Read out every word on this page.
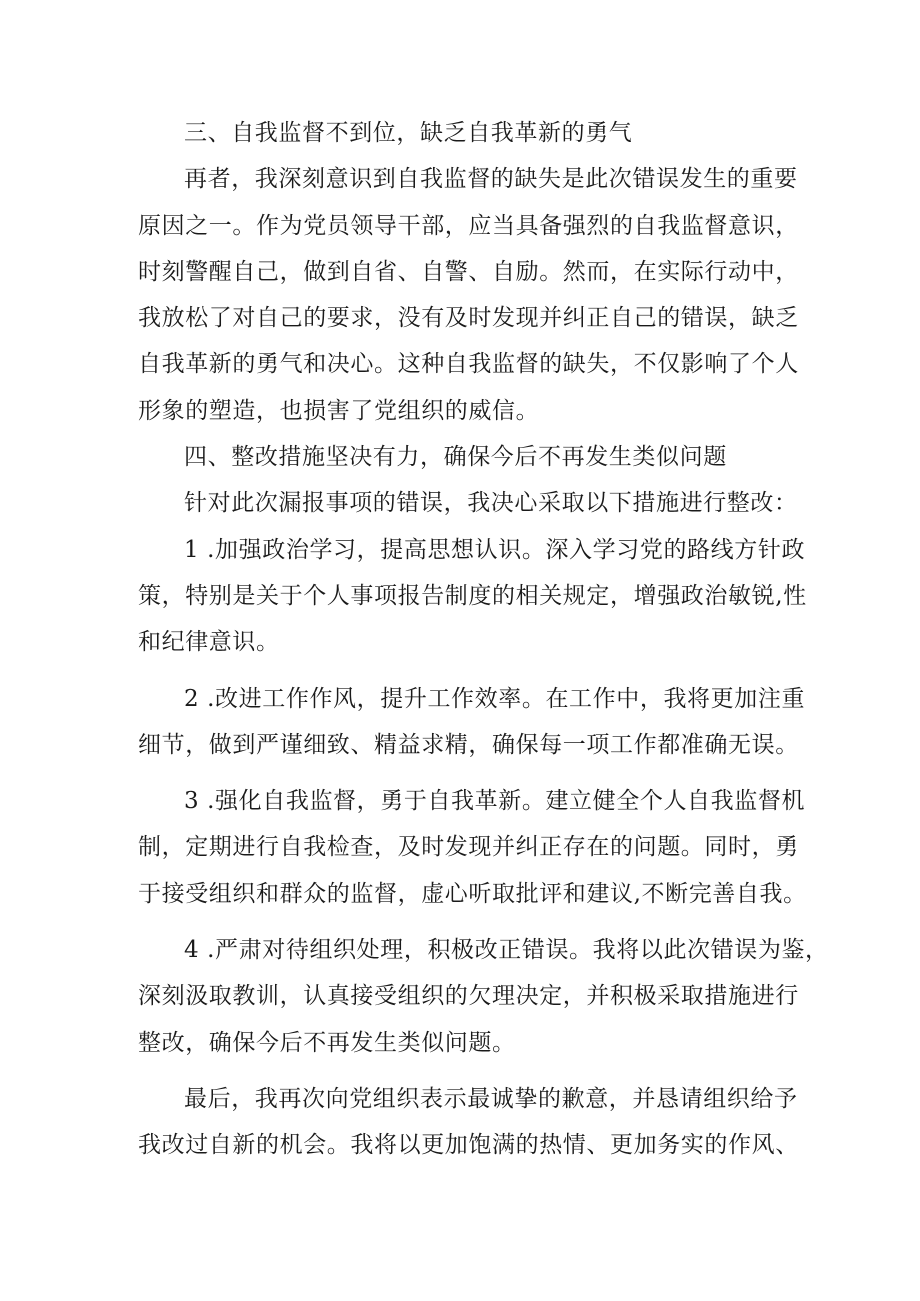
三、自我监督不到位，缺乏自我革新的勇气
再者，我深刻意识到自我监督的缺失是此次错误发生的重要
原因之一。作为党员领导干部，应当具备强烈的自我监督意识，
时刻警醒自己，做到自省、自警、自励。然而，在实际行动中，
我放松了对自己的要求，没有及时发现并纠正自己的错误，缺乏
自我革新的勇气和决心。这种自我监督的缺失，不仅影响了个人
形象的塑造，也损害了党组织的威信。
四、整改措施坚决有力，确保今后不再发生类似问题
针对此次漏报事项的错误，我决心采取以下措施进行整改：
1 .加强政治学习，提高思想认识。深入学习党的路线方针政
策，特别是关于个人事项报告制度的相关规定，增强政治敏锐,性
和纪律意识。
2 .改进工作作风，提升工作效率。在工作中，我将更加注重
细节，做到严谨细致、精益求精，确保每一项工作都准确无误。
3 .强化自我监督，勇于自我革新。建立健全个人自我监督机
制，定期进行自我检查，及时发现并纠正存在的问题。同时，勇
于接受组织和群众的监督，虚心听取批评和建议,不断完善自我。
4 .严肃对待组织处理，积极改正错误。我将以此次错误为鉴，
深刻汲取教训，认真接受组织的欠理决定，并积极采取措施进行
整改，确保今后不再发生类似问题。
最后，我再次向党组织表示最诚挚的歉意，并恳请组织给予
我改过自新的机会。我将以更加饱满的热情、更加务实的作风、
